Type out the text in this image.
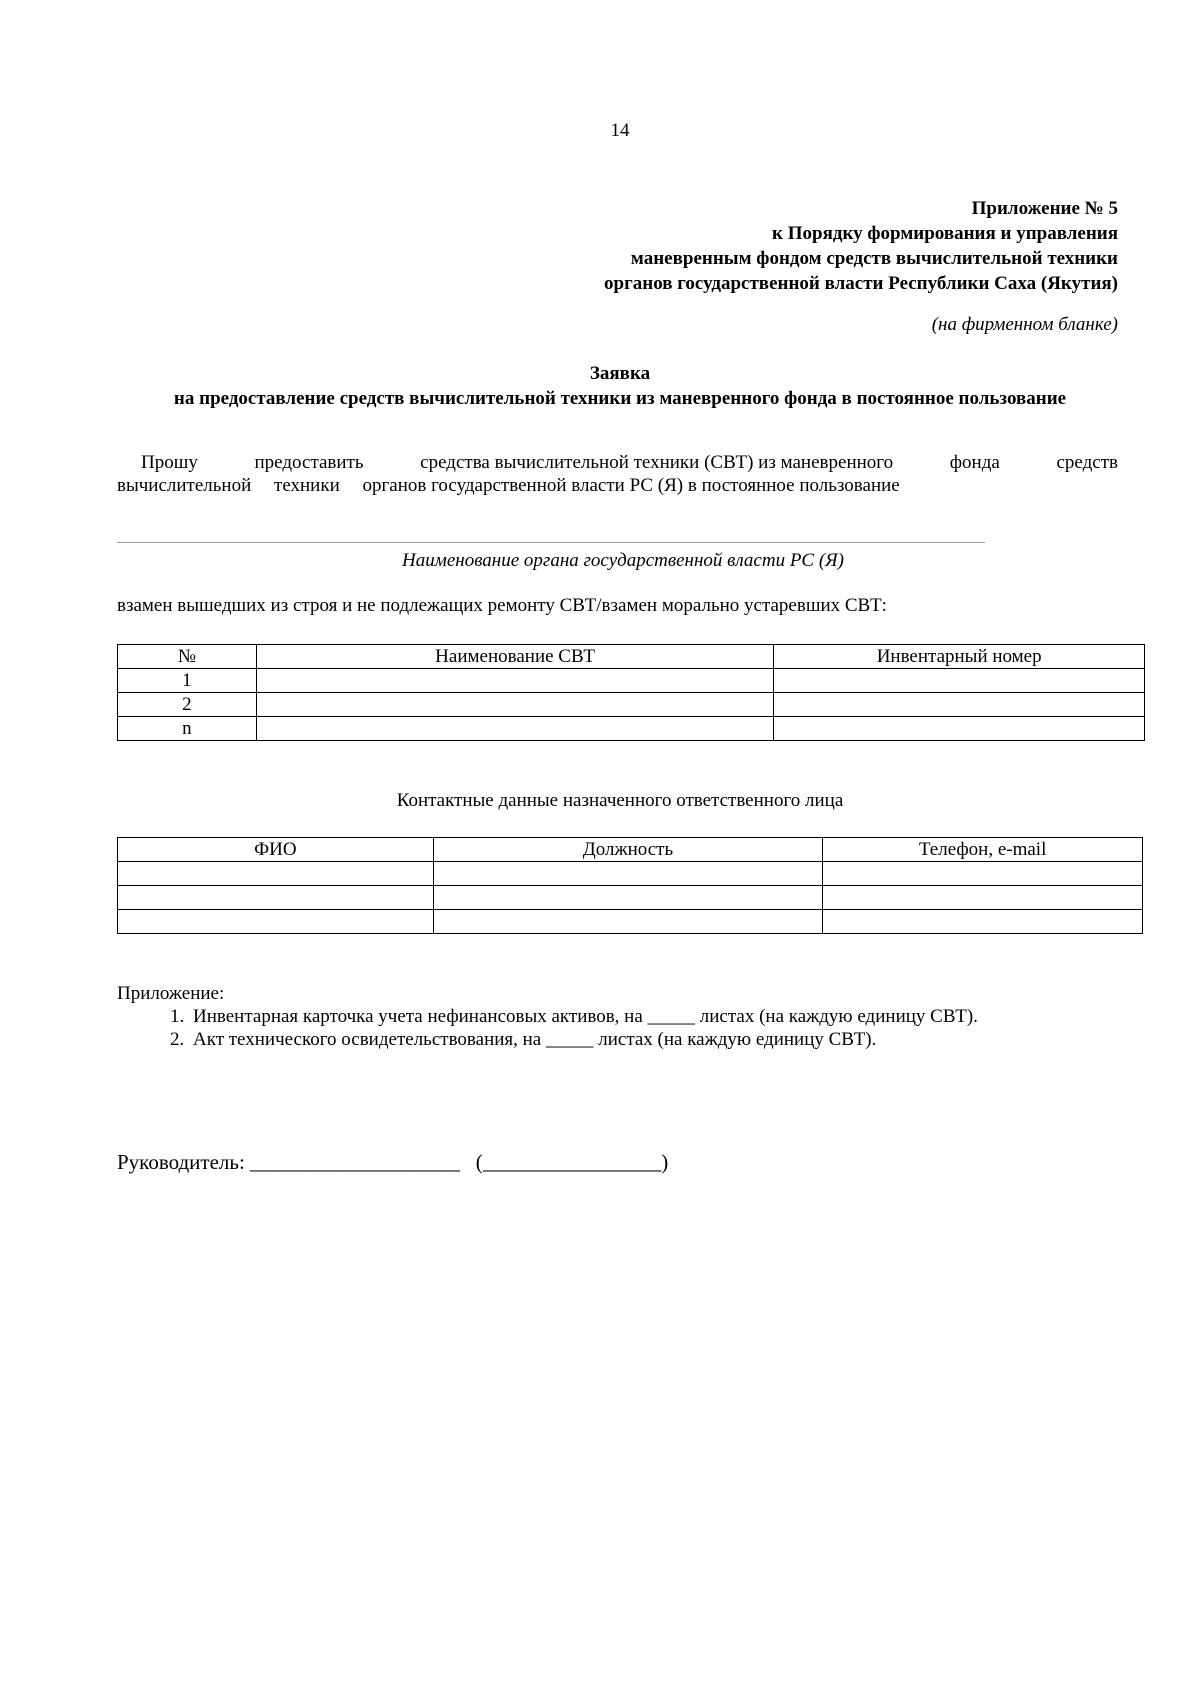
14
Приложение № 5
к Порядку формирования и управления
маневренным фондом средств вычислительной техники
органов государственной власти Республики Саха (Якутия)
(на фирменном бланке)
Заявка
на предоставление средств вычислительной техники из маневренного фонда в постоянное пользование
Прошу	предоставить	средства вычислительной техники (СВТ) из маневренного	фонда	средств
вычислительной техники органов государственной власти РС (Я) в постоянное пользование
Наименование органа государственной власти РС (Я)
взамен вышедших из строя и не подлежащих ремонту СВТ/взамен морально устаревших СВТ:
№	Наименование СВТ	Инвентарный номер
1		
2		
n		
Контактные данные назначенного ответственного лица
ФИО	Должность	Телефон, e-mail

Приложение:
1. Инвентарная карточка учета нефинансовых активов, на _____ листах (на каждую единицу СВТ).
2. Акт технического освидетельствования, на _____ листах (на каждую единицу СВТ).
Руководитель: ____________________   (_________________)
